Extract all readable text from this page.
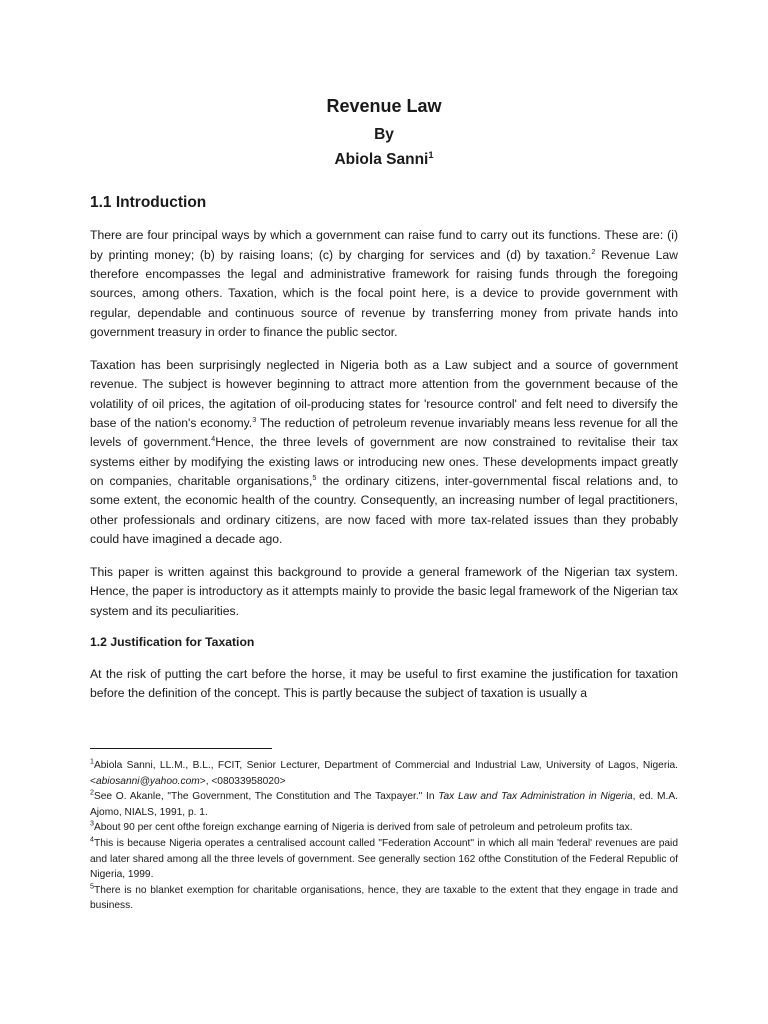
Revenue Law
By
Abiola Sanni$^1$
1.1 Introduction

There are four principal ways by which a government can raise fund to carry out its functions. These are: (i) by printing money; (b) by raising loans; (c) by charging for services and (d) by taxation.$^2$ Revenue Law therefore encompasses the legal and administrative framework for raising funds through the foregoing sources, among others. Taxation, which is the focal point here, is a device to provide government with regular, dependable and continuous source of revenue by transferring money from private hands into government treasury in order to finance the public sector.

Taxation has been surprisingly neglected in Nigeria both as a Law subject and a source of government revenue. The subject is however beginning to attract more attention from the government because of the volatility of oil prices, the agitation of oil-producing states for 'resource control' and felt need to diversify the base of the nation's economy.$^3$ The reduction of petroleum revenue invariably means less revenue for all the levels of government.$^4$Hence, the three levels of government are now constrained to revitalise their tax systems either by modifying the existing laws or introducing new ones. These developments impact greatly on companies, charitable organisations,$^5$ the ordinary citizens, inter-governmental fiscal relations and, to some extent, the economic health of the country. Consequently, an increasing number of legal practitioners, other professionals and ordinary citizens, are now faced with more tax-related issues than they probably could have imagined a decade ago.

This paper is written against this background to provide a general framework of the Nigerian tax system. Hence, the paper is introductory as it attempts mainly to provide the basic legal framework of the Nigerian tax system and its peculiarities.

1.2 Justification for Taxation

At the risk of putting the cart before the horse, it may be useful to first examine the justification for taxation before the definition of the concept. This is partly because the subject of taxation is usually a

$^1$Abiola Sanni, LL.M., B.L., FCIT, Senior Lecturer, Department of Commercial and Industrial Law, University of Lagos, Nigeria. <abiosanni@yahoo.com>, <08033958020>

$^2$See O. Akanle, "The Government, The Constitution and The Taxpayer." In Tax Law and Tax Administration in Nigeria, ed. M.A. Ajomo, NIALS, 1991, p. 1.

$^3$About 90 per cent ofthe foreign exchange earning of Nigeria is derived from sale of petroleum and petroleum profits tax.

$^4$This is because Nigeria operates a centralised account called "Federation Account" in which all main 'federal' revenues are paid and later shared among all the three levels of government. See generally section 162 ofthe Constitution of the Federal Republic of Nigeria, 1999.

$^5$There is no blanket exemption for charitable organisations, hence, they are taxable to the extent that they engage in trade and business.
